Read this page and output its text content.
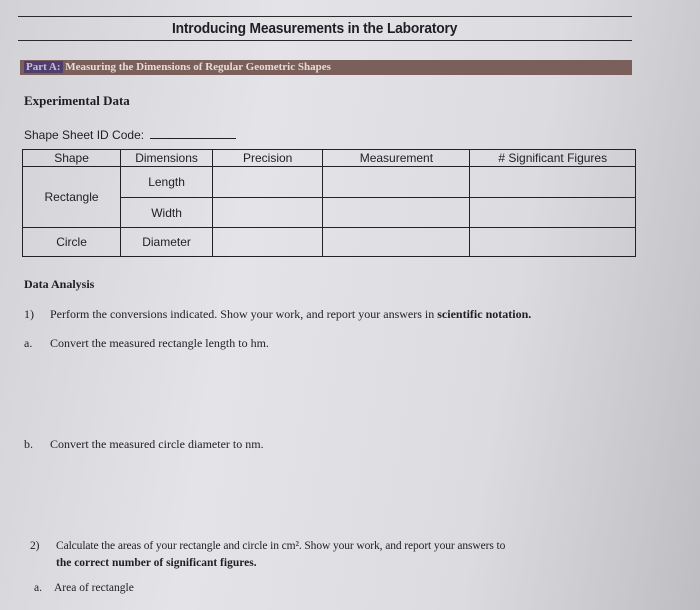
Introducing Measurements in the Laboratory
Part A: Measuring the Dimensions of Regular Geometric Shapes
Experimental Data
Shape Sheet ID Code:
Shape	Dimensions	Precision	Measurement	# Significant Figures
Rectangle	Length			
	Width			
Circle	Diameter			
Data Analysis
1) Perform the conversions indicated. Show your work, and report your answers in scientific notation.
a. Convert the measured rectangle length to hm.
b. Convert the measured circle diameter to nm.
2) Calculate the areas of your rectangle and circle in cm². Show your work, and report your answers to
the correct number of significant figures.
a. Area of rectangle
